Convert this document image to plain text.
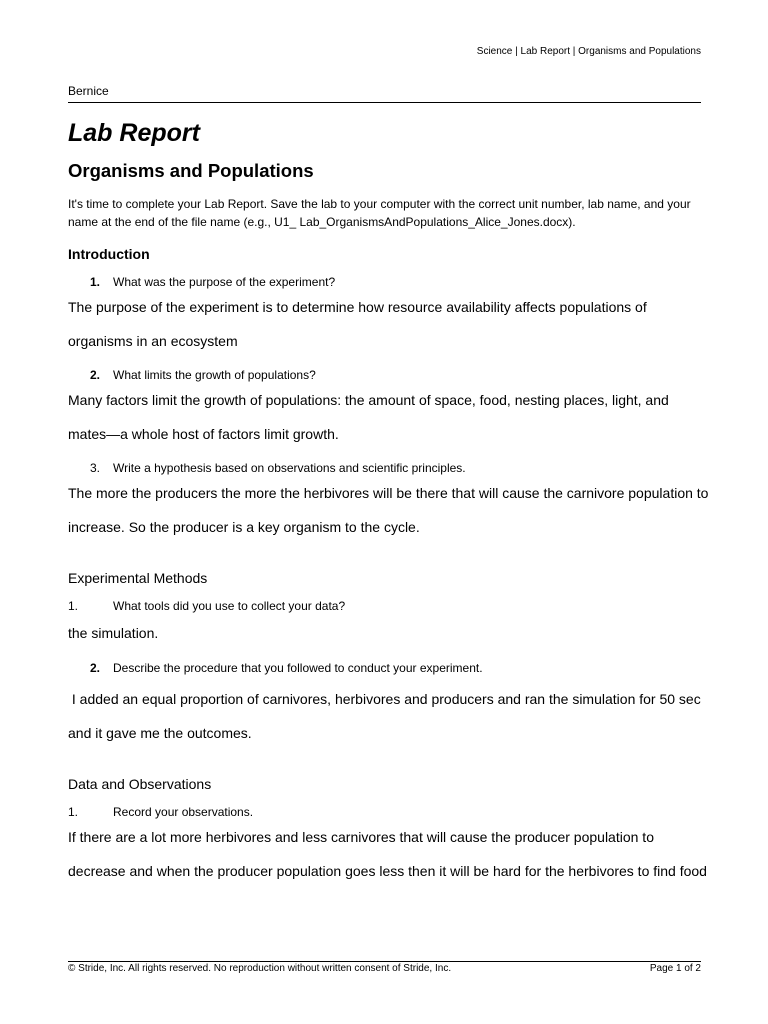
Science | Lab Report | Organisms and Populations
Bernice
Lab Report
Organisms and Populations
It's time to complete your Lab Report. Save the lab to your computer with the correct unit number, lab name, and your name at the end of the file name (e.g., U1_ Lab_OrganismsAndPopulations_Alice_Jones.docx).
Introduction
1. What was the purpose of the experiment?
The purpose of the experiment is to determine how resource availability affects populations of
organisms in an ecosystem
2. What limits the growth of populations?
Many factors limit the growth of populations: the amount of space, food, nesting places, light, and
mates—a whole host of factors limit growth.
3. Write a hypothesis based on observations and scientific principles.
The more the producers the more the herbivores will be there that will cause the carnivore population to
increase. So the producer is a key organism to the cycle.
Experimental Methods
1.	What tools did you use to collect your data?
the simulation.
2. Describe the procedure that you followed to conduct your experiment.
I added an equal proportion of carnivores, herbivores and producers and ran the simulation for 50 sec
and it gave me the outcomes.
Data and Observations
1.	Record your observations.
If there are a lot more herbivores and less carnivores that will cause the producer population to
decrease and when the producer population goes less then it will be hard for the herbivores to find food
© Stride, Inc. All rights reserved. No reproduction without written consent of Stride, Inc.	Page 1 of 2
